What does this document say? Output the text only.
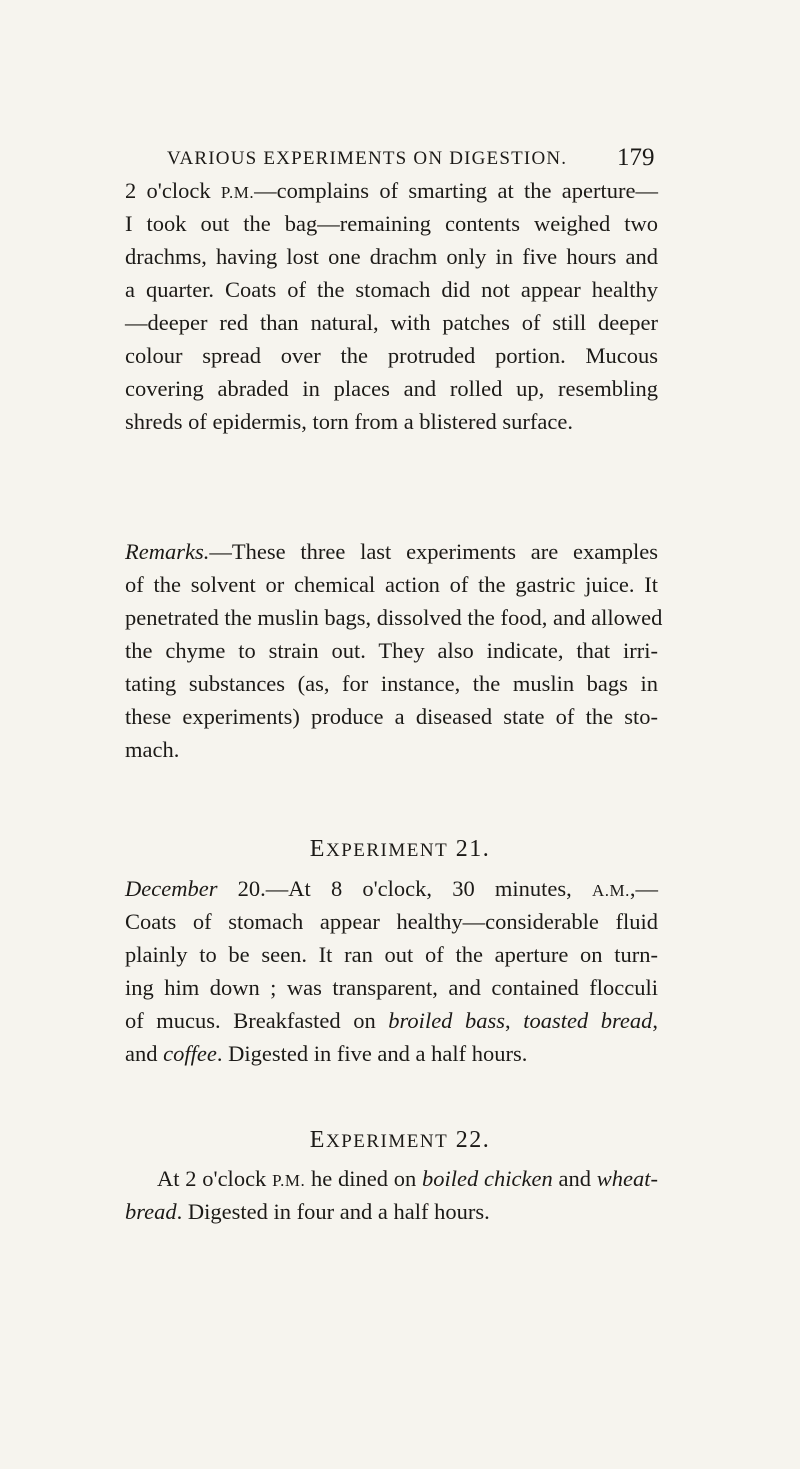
VARIOUS EXPERIMENTS ON DIGESTION. 179
2 o'clock P.M.—complains of smarting at the aperture—
I took out the bag—remaining contents weighed two
drachms, having lost one drachm only in five hours and
a quarter. Coats of the stomach did not appear healthy
—deeper red than natural, with patches of still deeper
colour spread over the protruded portion. Mucous
covering abraded in places and rolled up, resembling
shreds of epidermis, torn from a blistered surface.
Remarks.—These three last experiments are examples
of the solvent or chemical action of the gastric juice. It
penetrated the muslin bags, dissolved the food, and allowed
the chyme to strain out. They also indicate, that irri-
tating substances (as, for instance, the muslin bags in
these experiments) produce a diseased state of the sto-
mach.
EXPERIMENT 21.
December 20.—At 8 o'clock, 30 minutes, A.M.,—
Coats of stomach appear healthy—considerable fluid
plainly to be seen. It ran out of the aperture on turn-
ing him down ; was transparent, and contained flocculi
of mucus. Breakfasted on broiled bass, toasted bread,
and coffee. Digested in five and a half hours.
EXPERIMENT 22.
At 2 o'clock P.M. he dined on boiled chicken and wheat-
bread. Digested in four and a half hours.
